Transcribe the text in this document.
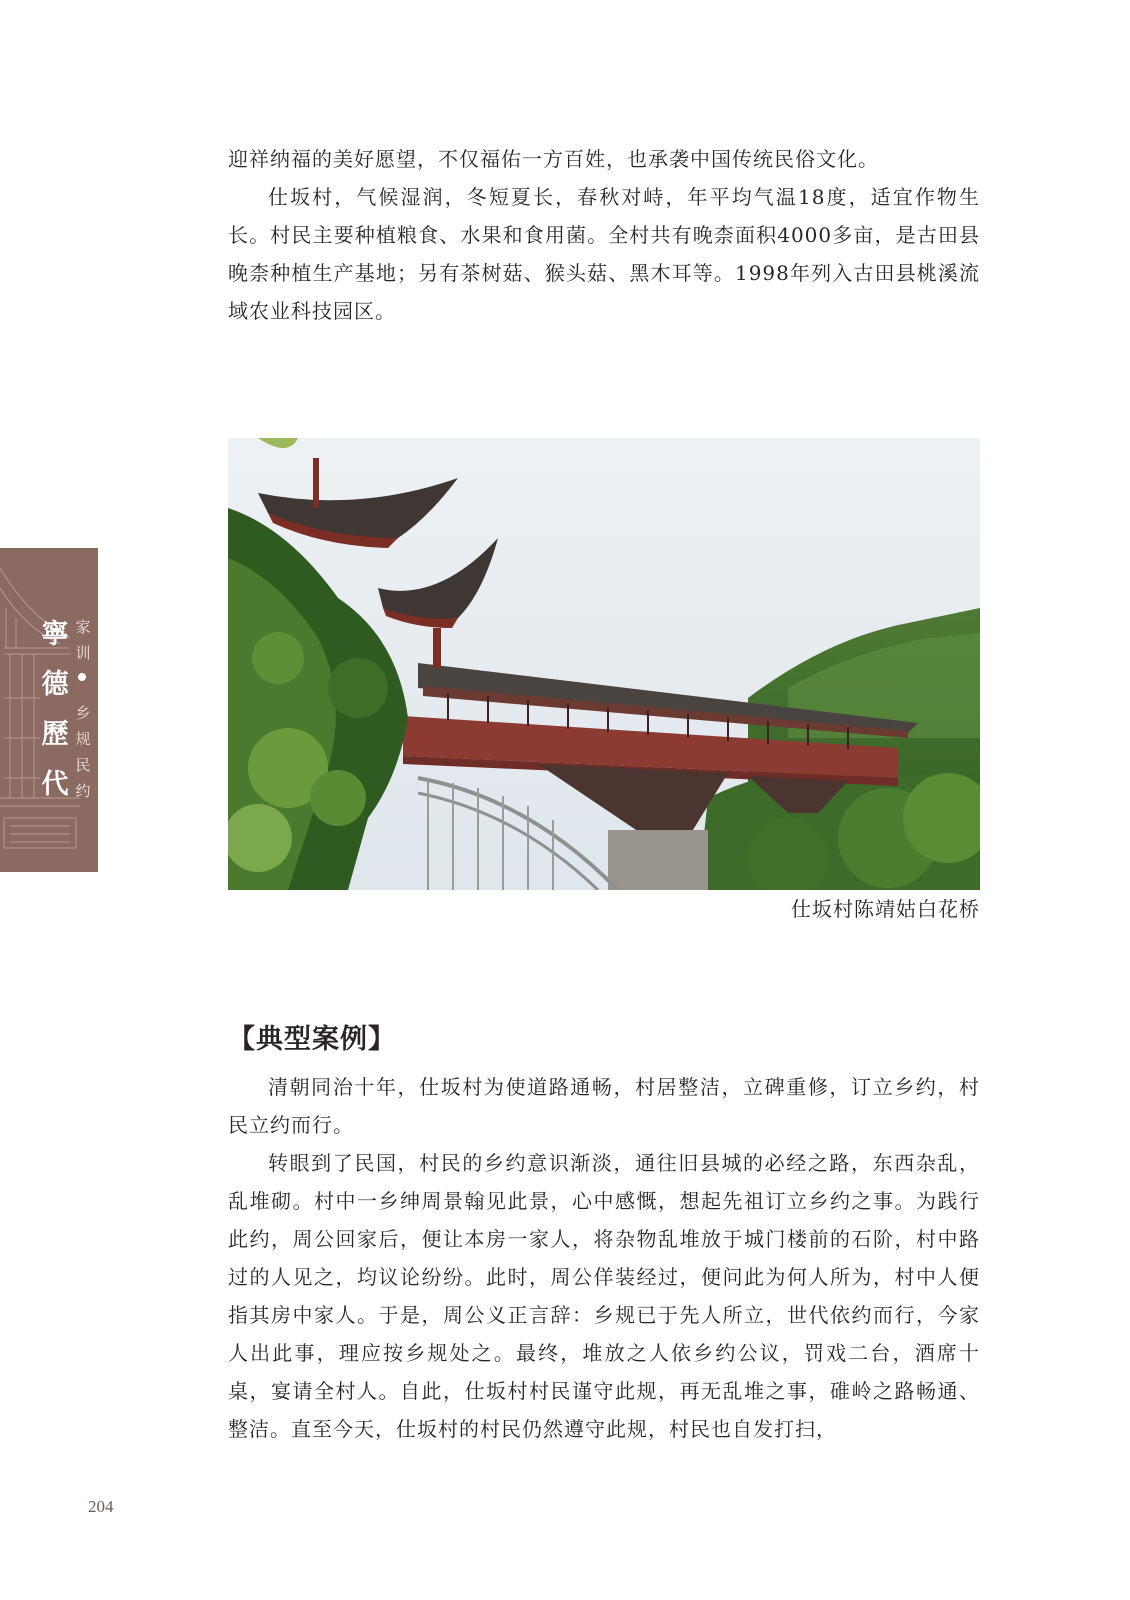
迎祥纳福的美好愿望，不仅福佑一方百姓，也承袭中国传统民俗文化。

仕坂村，气候湿润，冬短夏长，春秋对峙，年平均气温18度，适宜作物生长。村民主要种植粮食、水果和食用菌。全村共有晚柰面积4000多亩，是古田县晚柰种植生产基地；另有茶树菇、猴头菇、黑木耳等。1998年列入古田县桃溪流域农业科技园区。

寧
德
歷
代
家
训
乡
规
民
约
仕坂村陈靖姑白花桥
【典型案例】

清朝同治十年，仕坂村为使道路通畅，村居整洁，立碑重修，订立乡约，村民立约而行。

转眼到了民国，村民的乡约意识渐淡，通往旧县城的必经之路，东西杂乱，乱堆砌。村中一乡绅周景翰见此景，心中感慨，想起先祖订立乡约之事。为践行此约，周公回家后，便让本房一家人，将杂物乱堆放于城门楼前的石阶，村中路过的人见之，均议论纷纷。此时，周公佯装经过，便问此为何人所为，村中人便指其房中家人。于是，周公义正言辞：乡规已于先人所立，世代依约而行，今家人出此事，理应按乡规处之。最终，堆放之人依乡约公议，罚戏二台，酒席十桌，宴请全村人。自此，仕坂村村民谨守此规，再无乱堆之事，碓岭之路畅通、整洁。直至今天，仕坂村的村民仍然遵守此规，村民也自发打扫，

204
